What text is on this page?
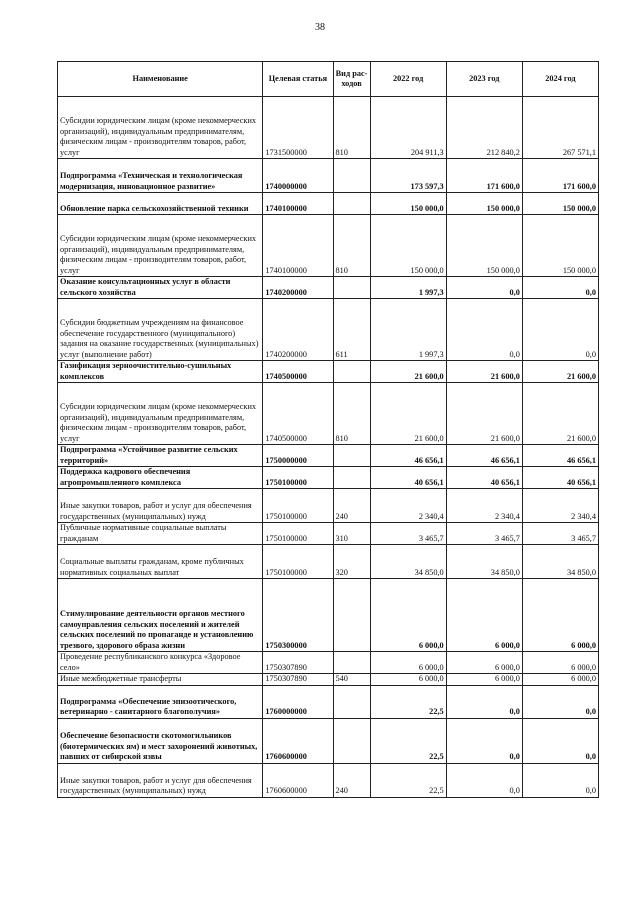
38
Наименование	Целевая статья	Вид рас-ходов	2022 год	2023 год	2024 год
Субсидии юридическим лицам (кроме некоммерческих организаций), индивидуальным предпринимателям, физическим лицам - производителям товаров, работ, услуг	1731500000	810	204 911,3	212 840,2	267 571,1
Подпрограмма «Техническая и технологическая модернизация, инновационное развитие»	1740000000		173 597,3	171 600,0	171 600,0
Обновление парка сельскохозяйственной техники	1740100000		150 000,0	150 000,0	150 000,0
Субсидии юридическим лицам (кроме некоммерческих организаций), индивидуальным предпринимателям, физическим лицам - производителям товаров, работ, услуг	1740100000	810	150 000,0	150 000,0	150 000,0
Оказание консультационных услуг в области сельского хозяйства	1740200000		1 997,3	0,0	0,0
Субсидии бюджетным учреждениям на финансовое обеспечение государственного (муниципального) задания на оказание государственных (муниципальных) услуг (выполнение работ)	1740200000	611	1 997,3	0,0	0,0
Газификация зерноочистительно-сушильных комплексов	1740500000		21 600,0	21 600,0	21 600,0
Субсидии юридическим лицам (кроме некоммерческих организаций), индивидуальным предпринимателям, физическим лицам - производителям товаров, работ, услуг	1740500000	810	21 600,0	21 600,0	21 600,0
Подпрограмма «Устойчивое развитие сельских территорий»	1750000000		46 656,1	46 656,1	46 656,1
Поддержка кадрового обеспечения агропромышленного комплекса	1750100000		40 656,1	40 656,1	40 656,1
Иные закупки товаров, работ и услуг для обеспечения государственных (муниципальных) нужд	1750100000	240	2 340,4	2 340,4	2 340,4
Публичные нормативные социальные выплаты гражданам	1750100000	310	3 465,7	3 465,7	3 465,7
Социальные выплаты гражданам, кроме публичных нормативных социальных выплат	1750100000	320	34 850,0	34 850,0	34 850,0
Стимулирование деятельности органов местного самоуправления сельских поселений и жителей сельских поселений по пропаганде и установлению трезвого, здорового образа жизни	1750300000		6 000,0	6 000,0	6 000,0
Проведение республиканского конкурса «Здоровое село»	1750307890		6 000,0	6 000,0	6 000,0
Иные межбюджетные трансферты	1750307890	540	6 000,0	6 000,0	6 000,0
Подпрограмма «Обеспечение эпизоотического, ветеринарно - санитарного благополучия»	1760000000		22,5	0,0	0,0
Обеспечение безопасности скотомогильников (биотермических ям) и мест захоронений животных, павших от сибирской язвы	1760600000		22,5	0,0	0,0
Иные закупки товаров, работ и услуг для обеспечения государственных (муниципальных) нужд	1760600000	240	22,5	0,0	0,0
